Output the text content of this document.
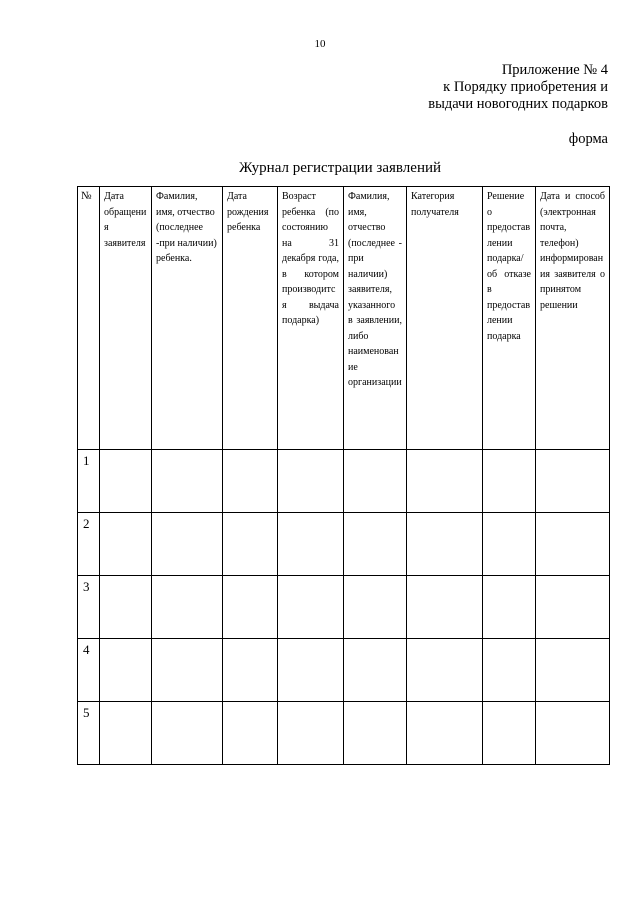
10
Приложение № 4
к Порядку приобретения и
выдачи новогодних подарков
форма
Журнал регистрации заявлений
№	Дата обращения заявителя	Фамилия, имя, отчество (последнее -при наличии) ребенка.	Дата рождения ребенка	Возраст ребенка (по состоянию на 31 декабря года, в котором производится выдача подарка)	Фамилия, имя, отчество (последнее - при наличии) заявителя, указанного в заявлении, либо наименование организации	Категория получателя	Решение о предоставлении подарка/об отказе в предоставлении подарка	Дата и способ (электронная почта, телефон) информирования заявителя о принятом решении
1								
2								
3								
4								
5								
